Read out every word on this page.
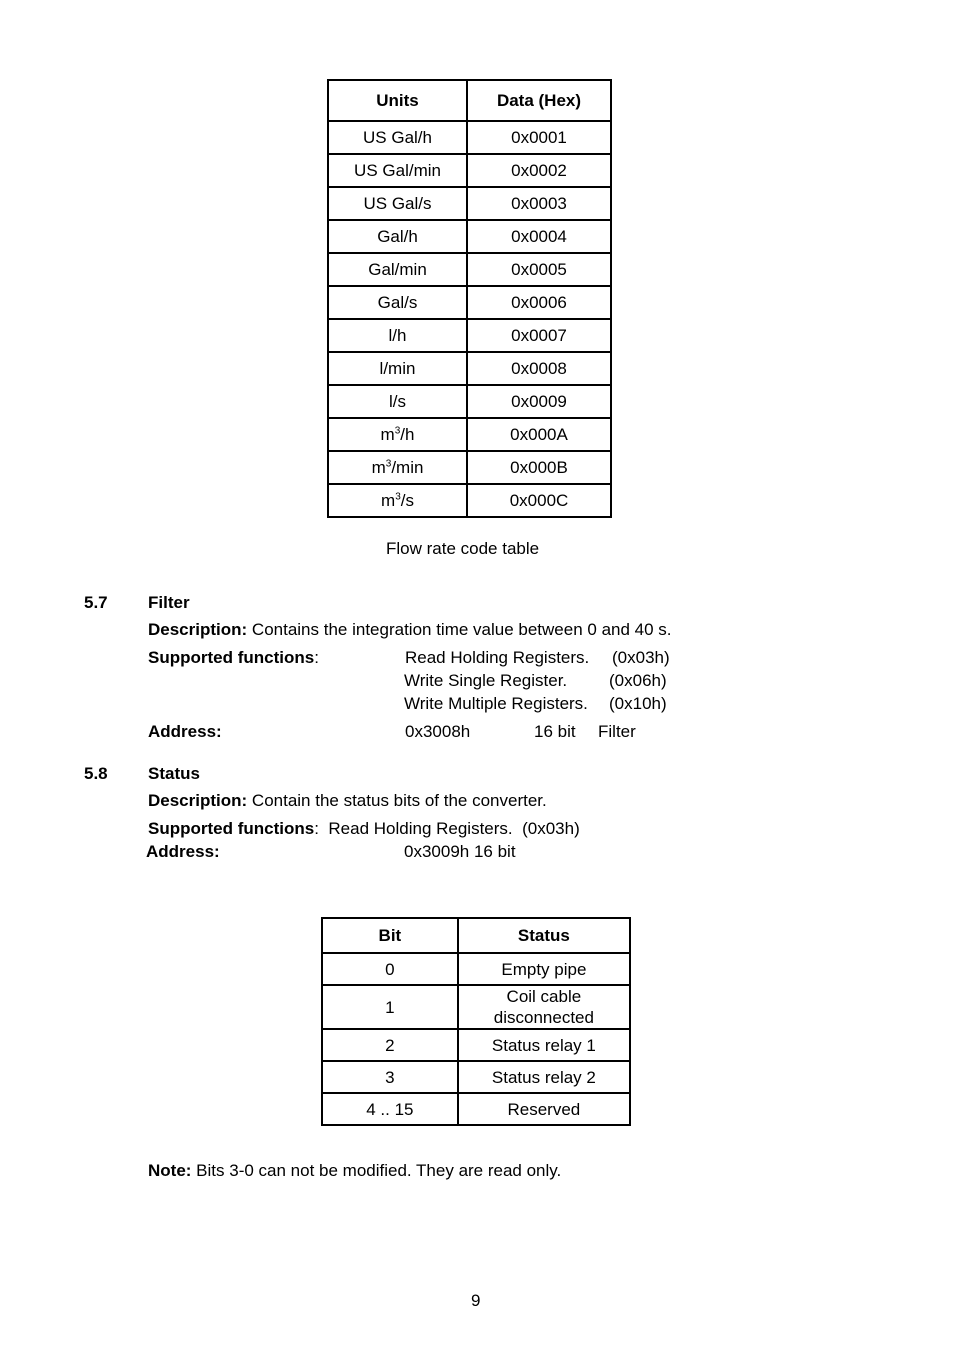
Units	Data (Hex)
US Gal/h	0x0001
US Gal/min	0x0002
US Gal/s	0x0003
Gal/h	0x0004
Gal/min	0x0005
Gal/s	0x0006
l/h	0x0007
l/min	0x0008
l/s	0x0009
$m^3/h$	0x000A
$m^3/\min$	0x000B
$m^3/s$	0x000C
Flow rate code table
5.7 Filter
Description: Contains the integration time value between 0 and 40 s.
Supported functions:	Read Holding Registers. (0x03h)
Write Single Register. (0x06h)
Write Multiple Registers. (0x10h)
Address:	0x3008h	16 bit Filter
5.8 Status
Description: Contain the status bits of the converter.
Supported functions:  Read Holding Registers.  (0x03h)
Address:	0x3009h 16 bit
Bit	Status
0	Empty pipe
1	Coil cable
disconnected

2	Status relay 1
3	Status relay 2
4 .. 15	Reserved
Note: Bits 3-0 can not be modified. They are read only.
9
